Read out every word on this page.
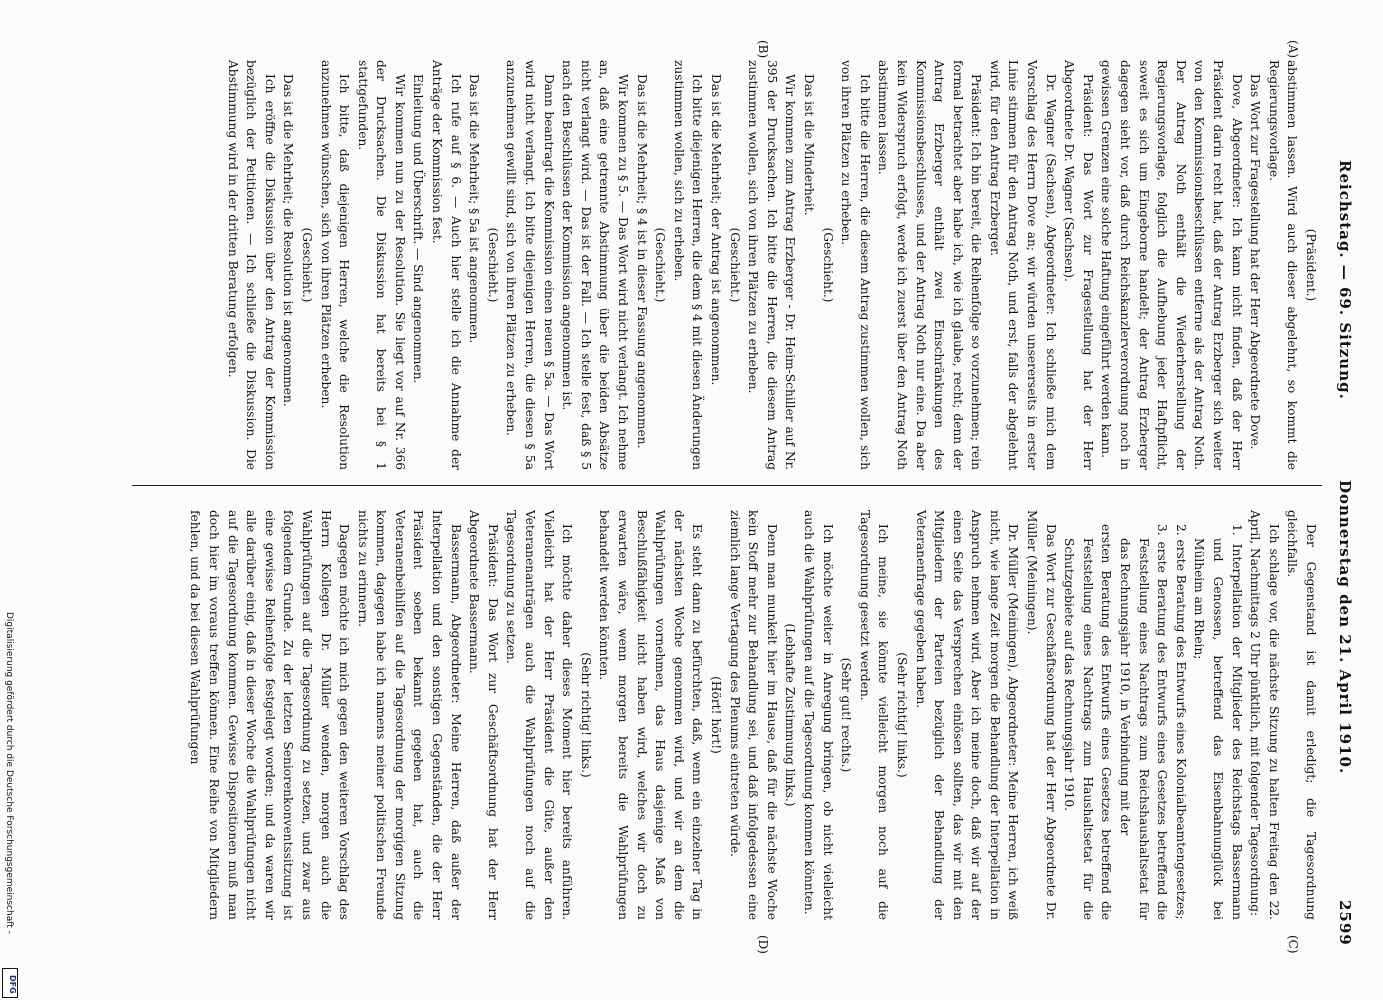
Reichstag. — 69. Sitzung.
Donnerstag den 21. April 1910.
2599
(A)
(B)
(C)
(D)

(Präsident.)

abstimmen lassen. Wird auch dieser abgelehnt, so kommt die Regierungsvorlage.

Das Wort zur Fragestellung hat der Herr Abgeordnete Dove.

Dove, Abgeordneter: Ich kann nicht finden, daß der Herr Präsident darin recht hat, daß der Antrag Erzberger sich weiter von den Kommissionsbeschlüssen entferne als der Antrag Noth. Der Antrag Noth enthält die Wiederherstellung der Regierungsvorlage, folglich die Aufhebung jeder Haftpflicht, soweit es sich um Eingeborne handelt; der Antrag Erzberger dagegen sieht vor, daß durch Reichskanzlerverordnung noch in gewissen Grenzen eine solche Haftung eingeführt werden kann.

Präsident: Das Wort zur Fragestellung hat der Herr Abgeordnete Dr. Wagner (Sachsen).

Dr. Wagner (Sachsen), Abgeordneter: Ich schließe mich dem Vorschlag des Herrn Dove an; wir würden unsererseits in erster Linie stimmen für den Antrag Noth, und erst, falls der abgelehnt wird, für den Antrag Erzberger.

Präsident: Ich bin bereit, die Reihenfolge so vorzunehmen; rein formal betrachtet aber habe ich, wie ich glaube, recht; denn der Antrag Erzberger enthält zwei Einschränkungen des Kommissionsbeschlusses, und der Antrag Noth nur eine. Da aber kein Widerspruch erfolgt, werde ich zuerst über den Antrag Noth abstimmen lassen.

Ich bitte die Herren, die diesem Antrag zustimmen wollen, sich von ihren Plätzen zu erheben.

(Geschieht.)

Das ist die Minderheit.

Wir kommen zum Antrag Erzberger - Dr. Heim-Schiller auf Nr. 395 der Drucksachen. Ich bitte die Herren, die diesem Antrag zustimmen wollen, sich von ihren Plätzen zu erheben.

(Geschieht.)

Das ist die Mehrheit; der Antrag ist angenommen.

Ich bitte diejenigen Herren, die dem § 4 mit diesen Änderungen zustimmen wollen, sich zu erheben.

(Geschieht.)

Das ist die Mehrheit; § 4 ist in dieser Fassung angenommen.

Wir kommen zu § 5. — Das Wort wird nicht verlangt. Ich nehme an, daß eine getrennte Abstimmung über die beiden Absätze nicht verlangt wird. — Das ist der Fall. — Ich stelle fest, daß § 5 nach den Beschlüssen der Kommission angenommen ist.

Dann beantragt die Kommission einen neuen § 5a. — Das Wort wird nicht verlangt. Ich bitte diejenigen Herren, die diesen § 5a anzunehmen gewillt sind, sich von ihren Plätzen zu erheben.

(Geschieht.)

Das ist die Mehrheit; § 5a ist angenommen.

Ich rufe auf § 6. — Auch hier stelle ich die Annahme der Anträge der Kommission fest.

Einleitung und Überschrift. — Sind angenommen.

Wir kommen nun zu der Resolution. Sie liegt vor auf Nr. 366 der Drucksachen. Die Diskussion hat bereits bei § 1 stattgefunden.

Ich bitte, daß diejenigen Herren, welche die Resolution anzunehmen wünschen, sich von ihren Plätzen erheben.

(Geschieht.)

Das ist die Mehrheit; die Resolution ist angenommen.

Ich eröffne die Diskussion über den Antrag der Kommission bezüglich der Petitionen. — Ich schließe die Diskussion. Die Abstimmung wird in der dritten Beratung erfolgen.

Der Gegenstand ist damit erledigt; die Tagesordnung gleichfalls.

Ich schlage vor, die nächste Sitzung zu halten Freitag den 22. April, Nachmittags 2 Uhr pünktlich, mit folgender Tagesordnung:

1. Interpellation der Mitglieder des Reichstags Bassermann und Genossen, betreffend das Eisenbahnunglück bei Mülheim am Rhein;

2. erste Beratung des Entwurfs eines Kolonialbeamtengesetzes;

3. erste Beratung des Entwurfs eines Gesetzes betreffend die Feststellung eines Nachtrags zum Reichshaushaltsetat für das Rechnungsjahr 1910, in Verbindung mit der

ersten Beratung des Entwurfs eines Gesetzes betreffend die Feststellung eines Nachtrags zum Haushaltsetat für die Schutzgebiete auf das Rechnungsjahr 1910.

Das Wort zur Geschäftsordnung hat der Herr Abgeordnete Dr. Müller (Meiningen).

Dr. Müller (Meiningen), Abgeordneter: Meine Herren, ich weiß nicht, wie lange Zeit morgen die Behandlung der Interpellation in Anspruch nehmen wird. Aber ich meine doch, daß wir auf der einen Seite das Versprechen einlösen sollten, das wir mit den Mitgliedern der Parteien bezüglich der Behandlung der Veteranenfrage gegeben haben.

(Sehr richtig! links.)

Ich meine, sie könnte vielleicht morgen noch auf die Tagesordnung gesetzt werden.

(Sehr gut! rechts.)

Ich möchte weiter in Anregung bringen, ob nicht vielleicht auch die Wahlprüfungen auf die Tagesordnung kommen könnten.

(Lebhafte Zustimmung links.)

Denn man munkelt hier im Hause, daß für die nächste Woche kein Stoff mehr zur Behandlung sei, und daß infolgedessen eine ziemlich lange Vertagung des Plenums eintreten würde.

(Hört! hört!)

Es steht dann zu befürchten, daß, wenn ein einzelner Tag in der nächsten Woche genommen wird, und wir an dem die Wahlprüfungen vornehmen, das Haus dasjenige Maß von Beschlußfähigkeit nicht haben wird, welches wir doch zu erwarten wäre, wenn morgen bereits die Wahlprüfungen behandelt werden könnten.

(Sehr richtig! links.)

Ich möchte daher dieses Moment hier bereits anführen. Vielleicht hat der Herr Präsident die Güte, außer den Veteranenanträgen auch die Wahlprüfungen noch auf die Tagesordnung zu setzen.

Präsident: Das Wort zur Geschäftsordnung hat der Herr Abgeordnete Bassermann.

Bassermann, Abgeordneter: Meine Herren, daß außer der Interpellation und den sonstigen Gegenständen, die der Herr Präsident soeben bekannt gegeben hat, auch die Veteranenbeihilfen auf die Tagesordnung der morgigen Sitzung kommen, dagegen habe ich namens meiner politischen Freunde nichts zu erinnern.

Dagegen möchte ich mich gegen den weiteren Vorschlag des Herrn Kollegen Dr. Müller wenden, morgen auch die Wahlprüfungen auf die Tagesordnung zu setzen, und zwar aus folgendem Grunde. Zu der letzten Seniorenkonventssitzung ist eine gewisse Reihenfolge festgelegt worden; und da waren wir alle darüber einig, daß in dieser Woche die Wahlprüfungen nicht auf die Tagesordnung kommen. Gewisse Dispositionen muß man doch hier im voraus treffen können. Eine Reihe von Mitgliedern fehlen, und da bei diesen Wahlprüfungen

Digitalisierung gefördert durch die Deutsche Forschungsgemeinschaft -
DFG
